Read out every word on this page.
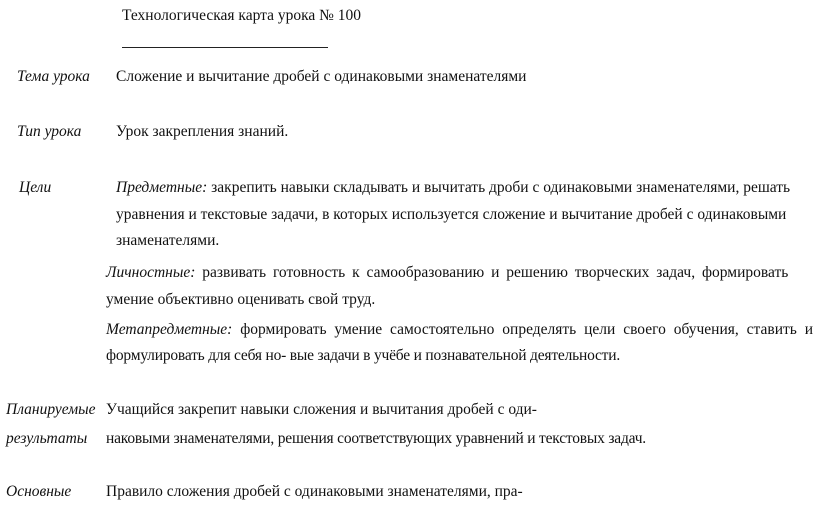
Технологическая карта урока № 100
Тема урока Сложение и вычитание дробей с одинаковыми знаменателями
Тип урока Урок закрепления знаний.
Цели	Предметные: закрепить навыки складывать и вычитать дроби с одинаковыми знаменателями, решать
уравнения и текстовые задачи, в которых используется сложение и вычитание дробей с одинаковыми
знаменателями.
Личностные: развивать готовность к самообразованию и решению творческих задач, формировать
умение объективно оценивать свой труд.
Метапредметные: формировать умение самостоятельно определять цели своего обучения, ставить и
формулировать для себя но- вые задачи в учёбе и познавательной деятельности.
Планируемые
результаты
Учащийся закрепит навыки сложения и вычитания дробей с оди-
наковыми знаменателями, решения соответствующих уравнений и текстовых задач.
Основные Правило сложения дробей с одинаковыми знаменателями, пра-
